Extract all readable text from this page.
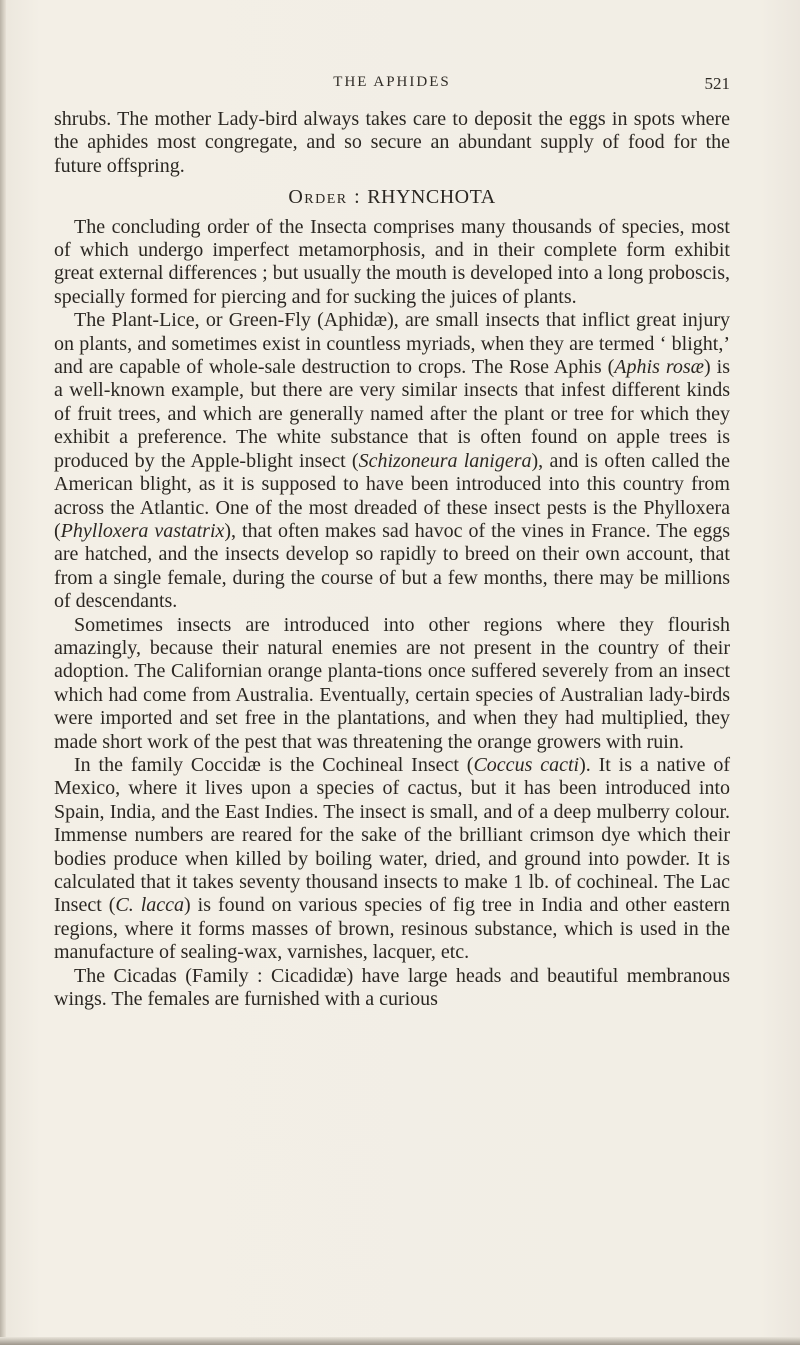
THE APHIDES	521

shrubs. The mother Lady-bird always takes care to deposit the eggs in spots where the aphides most congregate, and so secure an abundant supply of food for the future offspring.

Order : RHYNCHOTA

The concluding order of the Insecta comprises many thousands of species, most of which undergo imperfect metamorphosis, and in their complete form exhibit great external differences ; but usually the mouth is developed into a long proboscis, specially formed for piercing and for sucking the juices of plants.

The Plant-Lice, or Green-Fly (Aphidæ), are small insects that inflict great injury on plants, and sometimes exist in countless myriads, when they are termed ‘ blight,’ and are capable of whole-sale destruction to crops. The Rose Aphis (Aphis rosæ) is a well-known example, but there are very similar insects that infest different kinds of fruit trees, and which are generally named after the plant or tree for which they exhibit a preference. The white substance that is often found on apple trees is produced by the Apple-blight insect (Schizoneura lanigera), and is often called the American blight, as it is supposed to have been introduced into this country from across the Atlantic. One of the most dreaded of these insect pests is the Phylloxera (Phylloxera vastatrix), that often makes sad havoc of the vines in France. The eggs are hatched, and the insects develop so rapidly to breed on their own account, that from a single female, during the course of but a few months, there may be millions of descendants.

Sometimes insects are introduced into other regions where they flourish amazingly, because their natural enemies are not present in the country of their adoption. The Californian orange planta-tions once suffered severely from an insect which had come from Australia. Eventually, certain species of Australian lady-birds were imported and set free in the plantations, and when they had multiplied, they made short work of the pest that was threatening the orange growers with ruin.

In the family Coccidæ is the Cochineal Insect (Coccus cacti). It is a native of Mexico, where it lives upon a species of cactus, but it has been introduced into Spain, India, and the East Indies. The insect is small, and of a deep mulberry colour. Immense numbers are reared for the sake of the brilliant crimson dye which their bodies produce when killed by boiling water, dried, and ground into powder. It is calculated that it takes seventy thousand insects to make 1 lb. of cochineal. The Lac Insect (C. lacca) is found on various species of fig tree in India and other eastern regions, where it forms masses of brown, resinous substance, which is used in the manufacture of sealing-wax, varnishes, lacquer, etc.

The Cicadas (Family : Cicadidæ) have large heads and beautiful membranous wings. The females are furnished with a curious
